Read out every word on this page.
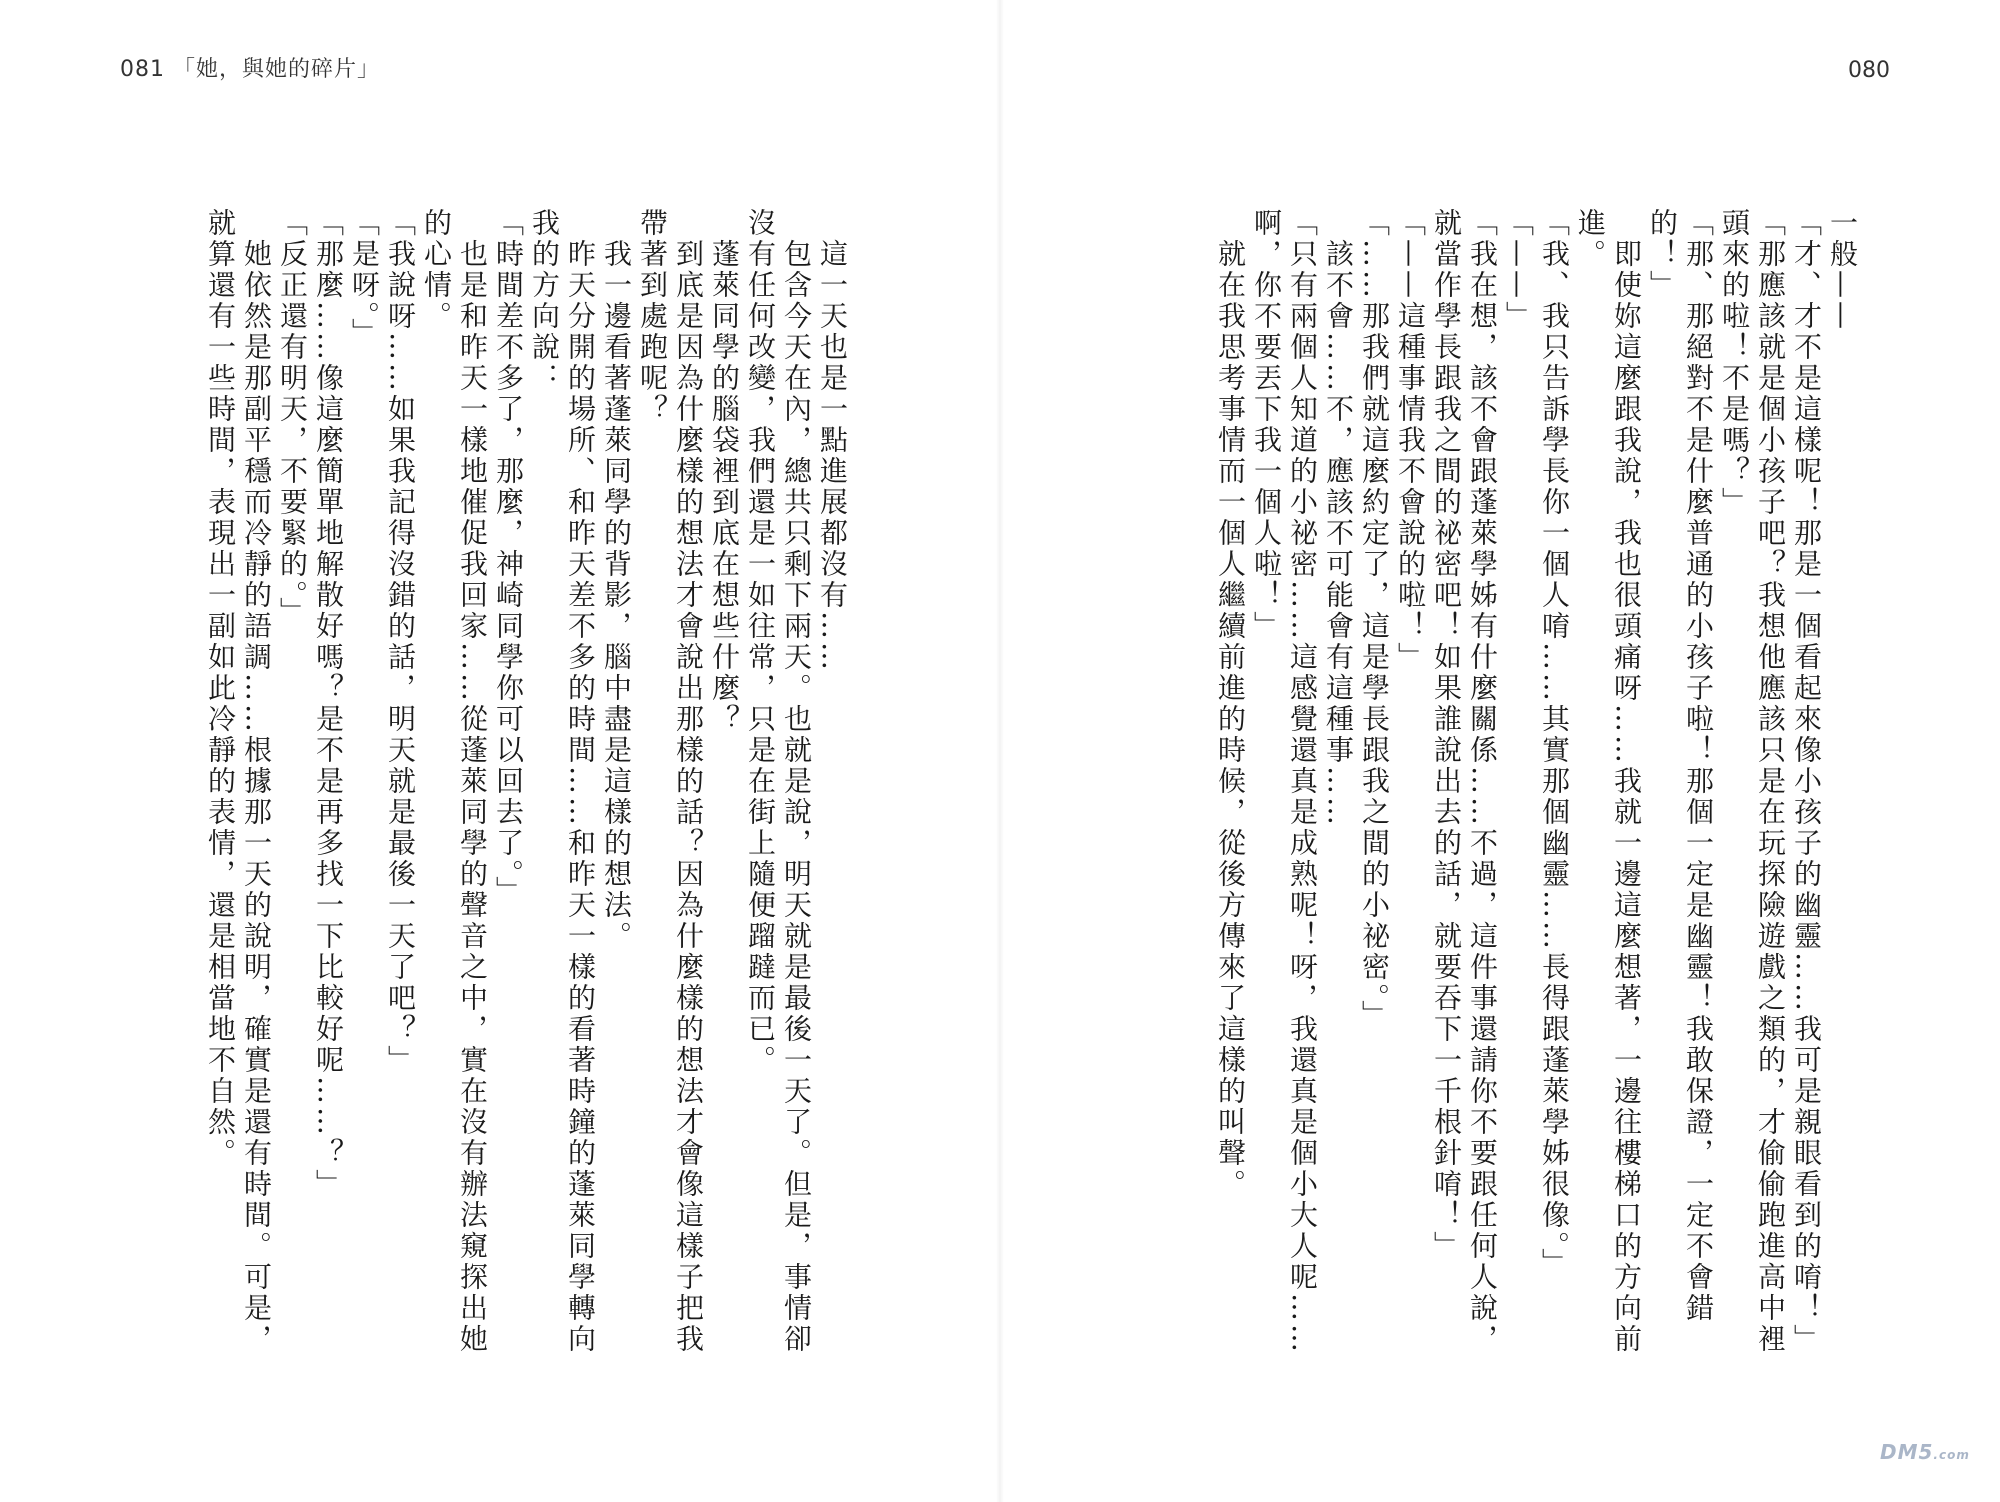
081 「她，與她的碎片」	080
一般——
「才、才不是這樣呢！那是一個看起來像小孩子的幽靈……我可是親眼看到的唷！」
「那應該就是個小孩子吧？我想他應該只是在玩探險遊戲之類的，才偷偷跑進高中裡頭來的啦！不是嗎？」
「那、那絕對不是什麼普通的小孩子啦！那個一定是幽靈！我敢保證，一定不會錯的！」
　即使妳這麼跟我說，我也很頭痛呀……我就一邊這麼想著，一邊往樓梯口的方向前進。
「我、我只告訴學長你一個人唷……其實那個幽靈……長得跟蓬萊學姊很像。」
「——」
「我在想，該不會跟蓬萊學姊有什麼關係……不過，這件事還請你不要跟任何人說，就當作學長跟我之間的祕密吧！如果誰說出去的話，就要吞下一千根針唷！」
「——這種事情我不會說的啦！」
「……那我們就這麼約定了，這是學長跟我之間的小祕密。」
　該不會……不，應該不可能會有這種事……
「只有兩個人知道的小祕密……這感覺還真是成熟呢！呀，我還真是個小大人呢……啊，你不要丟下我一個人啦！」
　就在我思考事情而一個人繼續前進的時候，從後方傳來了這樣的叫聲。
　這一天也是一點進展都沒有……
　包含今天在內，總共只剩下兩天。也就是說，明天就是最後一天了。但是，事情卻沒有任何改變，我們還是一如往常，只是在街上隨便蹓躂而已。
　蓬萊同學的腦袋裡到底在想些什麼？
　到底是因為什麼樣的想法才會說出那樣的話？因為什麼樣的想法才會像這樣子把我帶著到處跑呢？
　我一邊看著蓬萊同學的背影，腦中盡是這樣的想法。
　昨天分開的場所、和昨天差不多的時間……和昨天一樣的看著時鐘的蓬萊同學轉向我的方向說：
「時間差不多了，那麼，神崎同學你可以回去了。」
　也是和昨天一樣地催促我回家……從蓬萊同學的聲音之中，實在沒有辦法窺探出她的心情。
「我說呀……如果我記得沒錯的話，明天就是最後一天了吧？」
「是呀。」
「那麼……像這麼簡單地解散好嗎？是不是再多找一下比較好呢……？」
「反正還有明天，不要緊的。」
　她依然是那副平穩而冷靜的語調……根據那一天的說明，確實是還有時間。可是，就算還有一些時間，表現出一副如此冷靜的表情，還是相當地不自然。
DM5.com
